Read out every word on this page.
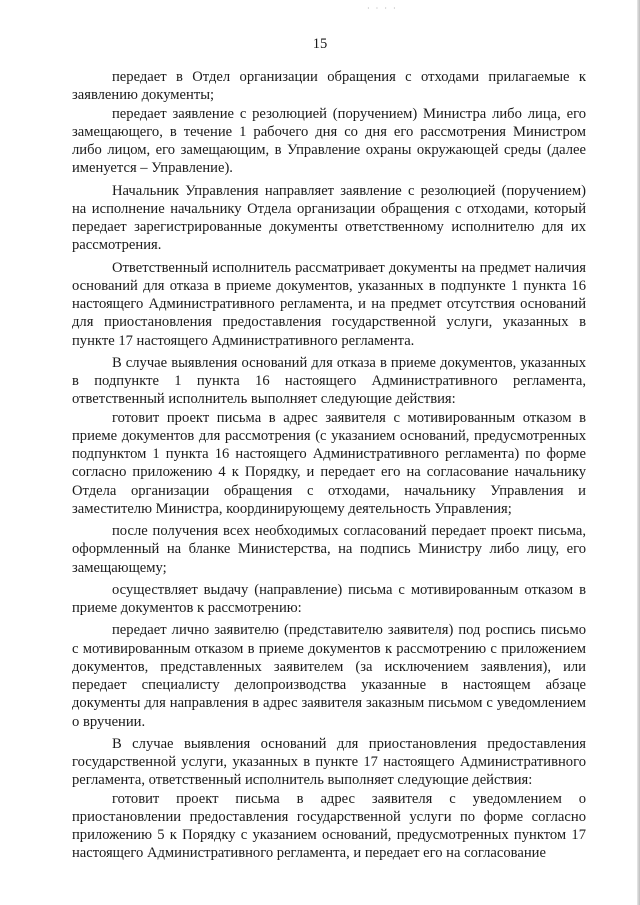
· · · ·
15

передает в Отдел организации обращения с отходами прилагаемые к заявлению документы;

передает заявление с резолюцией (поручением) Министра либо лица, его замещающего, в течение 1 рабочего дня со дня его рассмотрения Министром либо лицом, его замещающим, в Управление охраны окружающей среды (далее именуется – Управление).

Начальник Управления направляет заявление с резолюцией (поручением) на исполнение начальнику Отдела организации обращения с отходами, который передает зарегистрированные документы ответственному исполнителю для их рассмотрения.

Ответственный исполнитель рассматривает документы на предмет наличия оснований для отказа в приеме документов, указанных в подпункте 1 пункта 16 настоящего Административного регламента, и на предмет отсутствия оснований для приостановления предоставления государственной услуги, указанных в пункте 17 настоящего Административного регламента.

В случае выявления оснований для отказа в приеме документов, указанных в подпункте 1 пункта 16 настоящего Административного регламента, ответственный исполнитель выполняет следующие действия:

готовит проект письма в адрес заявителя с мотивированным отказом в приеме документов для рассмотрения (с указанием оснований, предусмотренных подпунктом 1 пункта 16 настоящего Административного регламента) по форме согласно приложению 4 к Порядку, и передает его на согласование начальнику Отдела организации обращения с отходами, начальнику Управления и заместителю Министра, координирующему деятельность Управления;

после получения всех необходимых согласований передает проект письма, оформленный на бланке Министерства, на подпись Министру либо лицу, его замещающему;

осуществляет выдачу (направление) письма с мотивированным отказом в приеме документов к рассмотрению:

передает лично заявителю (представителю заявителя) под роспись письмо с мотивированным отказом в приеме документов к рассмотрению с приложением документов, представленных заявителем (за исключением заявления), или передает специалисту делопроизводства указанные в настоящем абзаце документы для направления в адрес заявителя заказным письмом с уведомлением о вручении.

В случае выявления оснований для приостановления предоставления государственной услуги, указанных в пункте 17 настоящего Административного регламента, ответственный исполнитель выполняет следующие действия:

готовит проект письма в адрес заявителя с уведомлением о приостановлении предоставления государственной услуги по форме согласно приложению 5 к Порядку с указанием оснований, предусмотренных пунктом 17 настоящего Административного регламента, и передает его на согласование
